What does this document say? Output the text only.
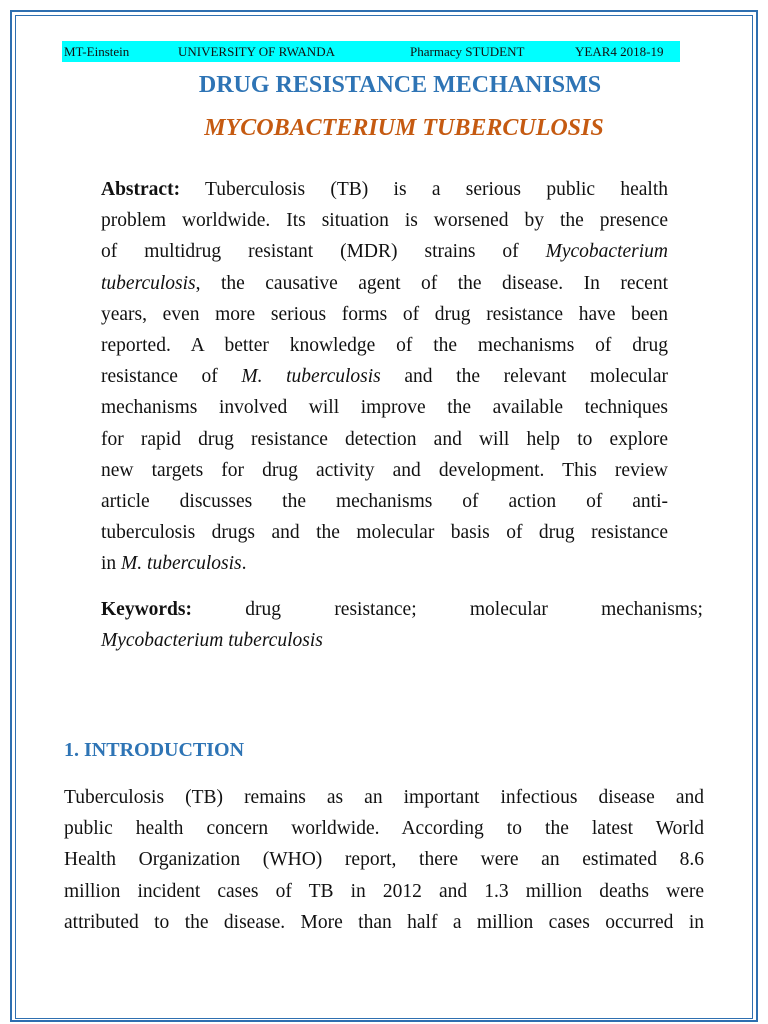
MT-Einstein	UNIVERSITY OF RWANDA	Pharmacy STUDENT	YEAR4 2018-19
DRUG RESISTANCE MECHANISMS
MYCOBACTERIUM TUBERCULOSIS
Abstract: Tuberculosis (TB) is a serious public health
problem worldwide. Its situation is worsened by the presence
of multidrug resistant (MDR) strains of Mycobacterium
tuberculosis, the causative agent of the disease. In recent
years, even more serious forms of drug resistance have been
reported. A better knowledge of the mechanisms of drug
resistance of M. tuberculosis and the relevant molecular
mechanisms involved will improve the available techniques
for rapid drug resistance detection and will help to explore
new targets for drug activity and development. This review
article discusses the mechanisms of action of anti-
tuberculosis drugs and the molecular basis of drug resistance
in M. tuberculosis.
Keywords:	drug	resistance;	molecular	mechanisms;
Mycobacterium tuberculosis
1. INTRODUCTION
Tuberculosis (TB) remains as an important infectious disease and
public health concern worldwide. According to the latest World
Health Organization (WHO) report, there were an estimated 8.6
million incident cases of TB in 2012 and 1.3 million deaths were
attributed to the disease. More than half a million cases occurred in
